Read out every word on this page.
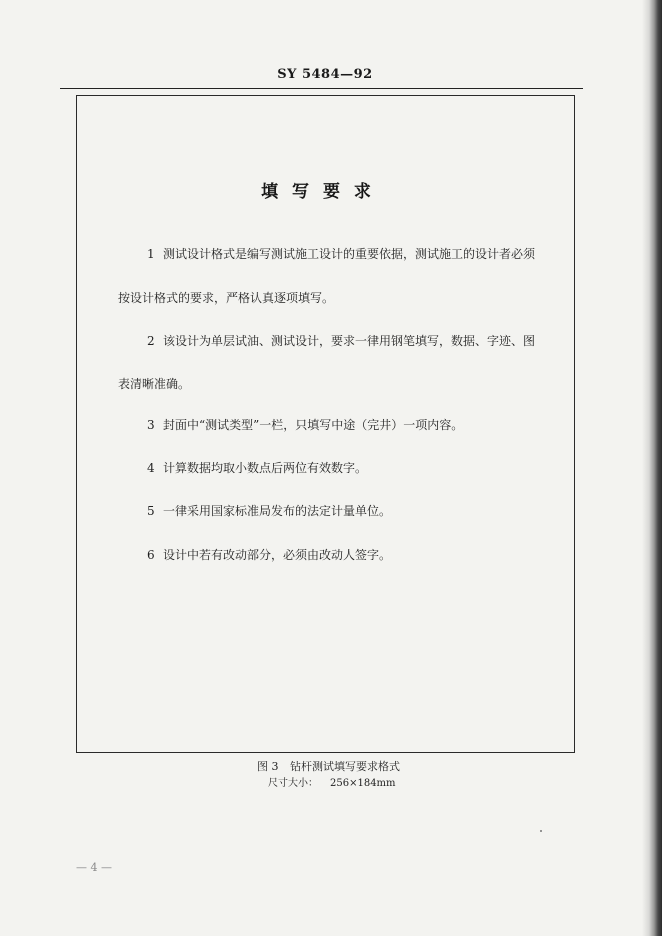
SY 5484—92
填 写 要 求
1 测试设计格式是编写测试施工设计的重要依据，测试施工的设计者必须
按设计格式的要求，严格认真逐项填写。
2 该设计为单层试油、测试设计，要求一律用钢笔填写，数据、字迹、图
表清晰准确。
3 封面中“测试类型”一栏，只填写中途（完井）一项内容。
4 计算数据均取小数点后两位有效数字。
5 一律采用国家标准局发布的法定计量单位。
6 设计中若有改动部分，必须由改动人签字。
图 3 钻杆测试填写要求格式
尺寸大小： 256×184mm
— 4 —
